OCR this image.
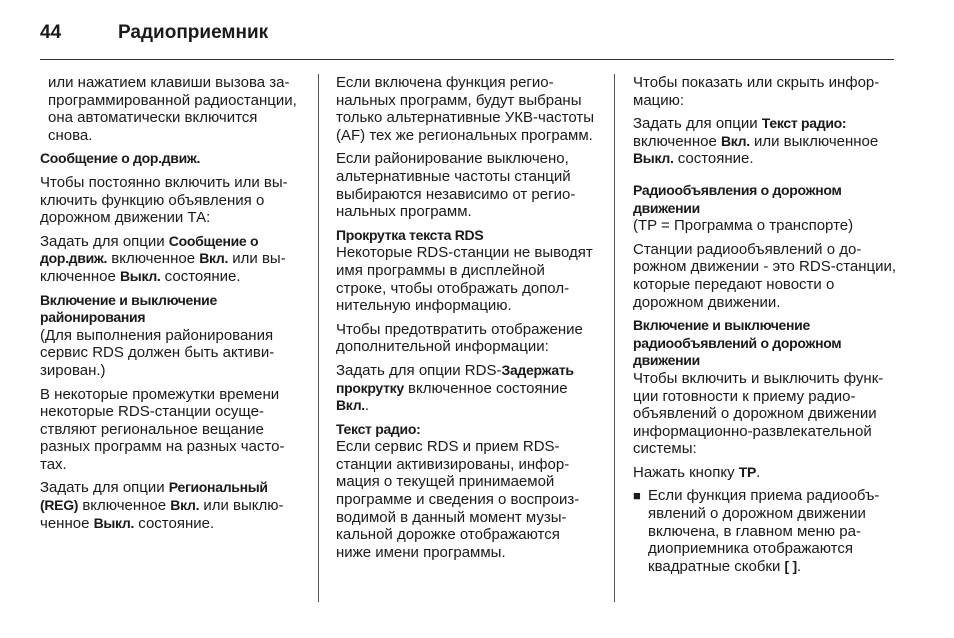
44	Радиоприемник

или нажатием клавиши вызова запрограммированной радиостанции, она автоматически включится снова.

Сообщение о дор.движ.

Чтобы постоянно включить или выключить функцию объявления о дорожном движении ТА:

Задать для опции Сообщение о дор.движ. включенное Вкл. или выключенное Выкл. состояние.

Включение и выключение районирования

(Для выполнения районирования сервис RDS должен быть активизирован.)

В некоторые промежутки времени некоторые RDS-станции осуществляют региональное вещание разных программ на разных частотах.

Задать для опции Региональный (REG) включенное Вкл. или выключенное Выкл. состояние.

Если включена функция региональных программ, будут выбраны только альтернативные УКВ-частоты (AF) тех же региональных программ.

Если районирование выключено, альтернативные частоты станций выбираются независимо от региональных программ.

Прокрутка текста RDS

Некоторые RDS-станции не выводят имя программы в дисплейной строке, чтобы отображать дополнительную информацию.

Чтобы предотвратить отображение дополнительной информации:

Задать для опции RDS-Задержать прокрутку включенное состояние Вкл..

Текст радио:

Если сервис RDS и прием RDS-станции активизированы, информация о текущей принимаемой программе и сведения о воспроизводимой в данный момент музыкальной дорожке отображаются ниже имени программы.

Чтобы показать или скрыть информацию:

Задать для опции Текст радио: включенное Вкл. или выключенное Выкл. состояние.

Радиообъявления о дорожном движении

(TP = Программа о транспорте)

Станции радиообъявлений о дорожном движении - это RDS-станции, которые передают новости о дорожном движении.

Включение и выключение радиообъявлений о дорожном движении

Чтобы включить и выключить функции готовности к приему радиообъявлений о дорожном движении информационно-развлекательной системы:

Нажать кнопку TP.

■ Если функция приема радиообъявлений о дорожном движении включена, в главном меню радиоприемника отображаются квадратные скобки [ ].
